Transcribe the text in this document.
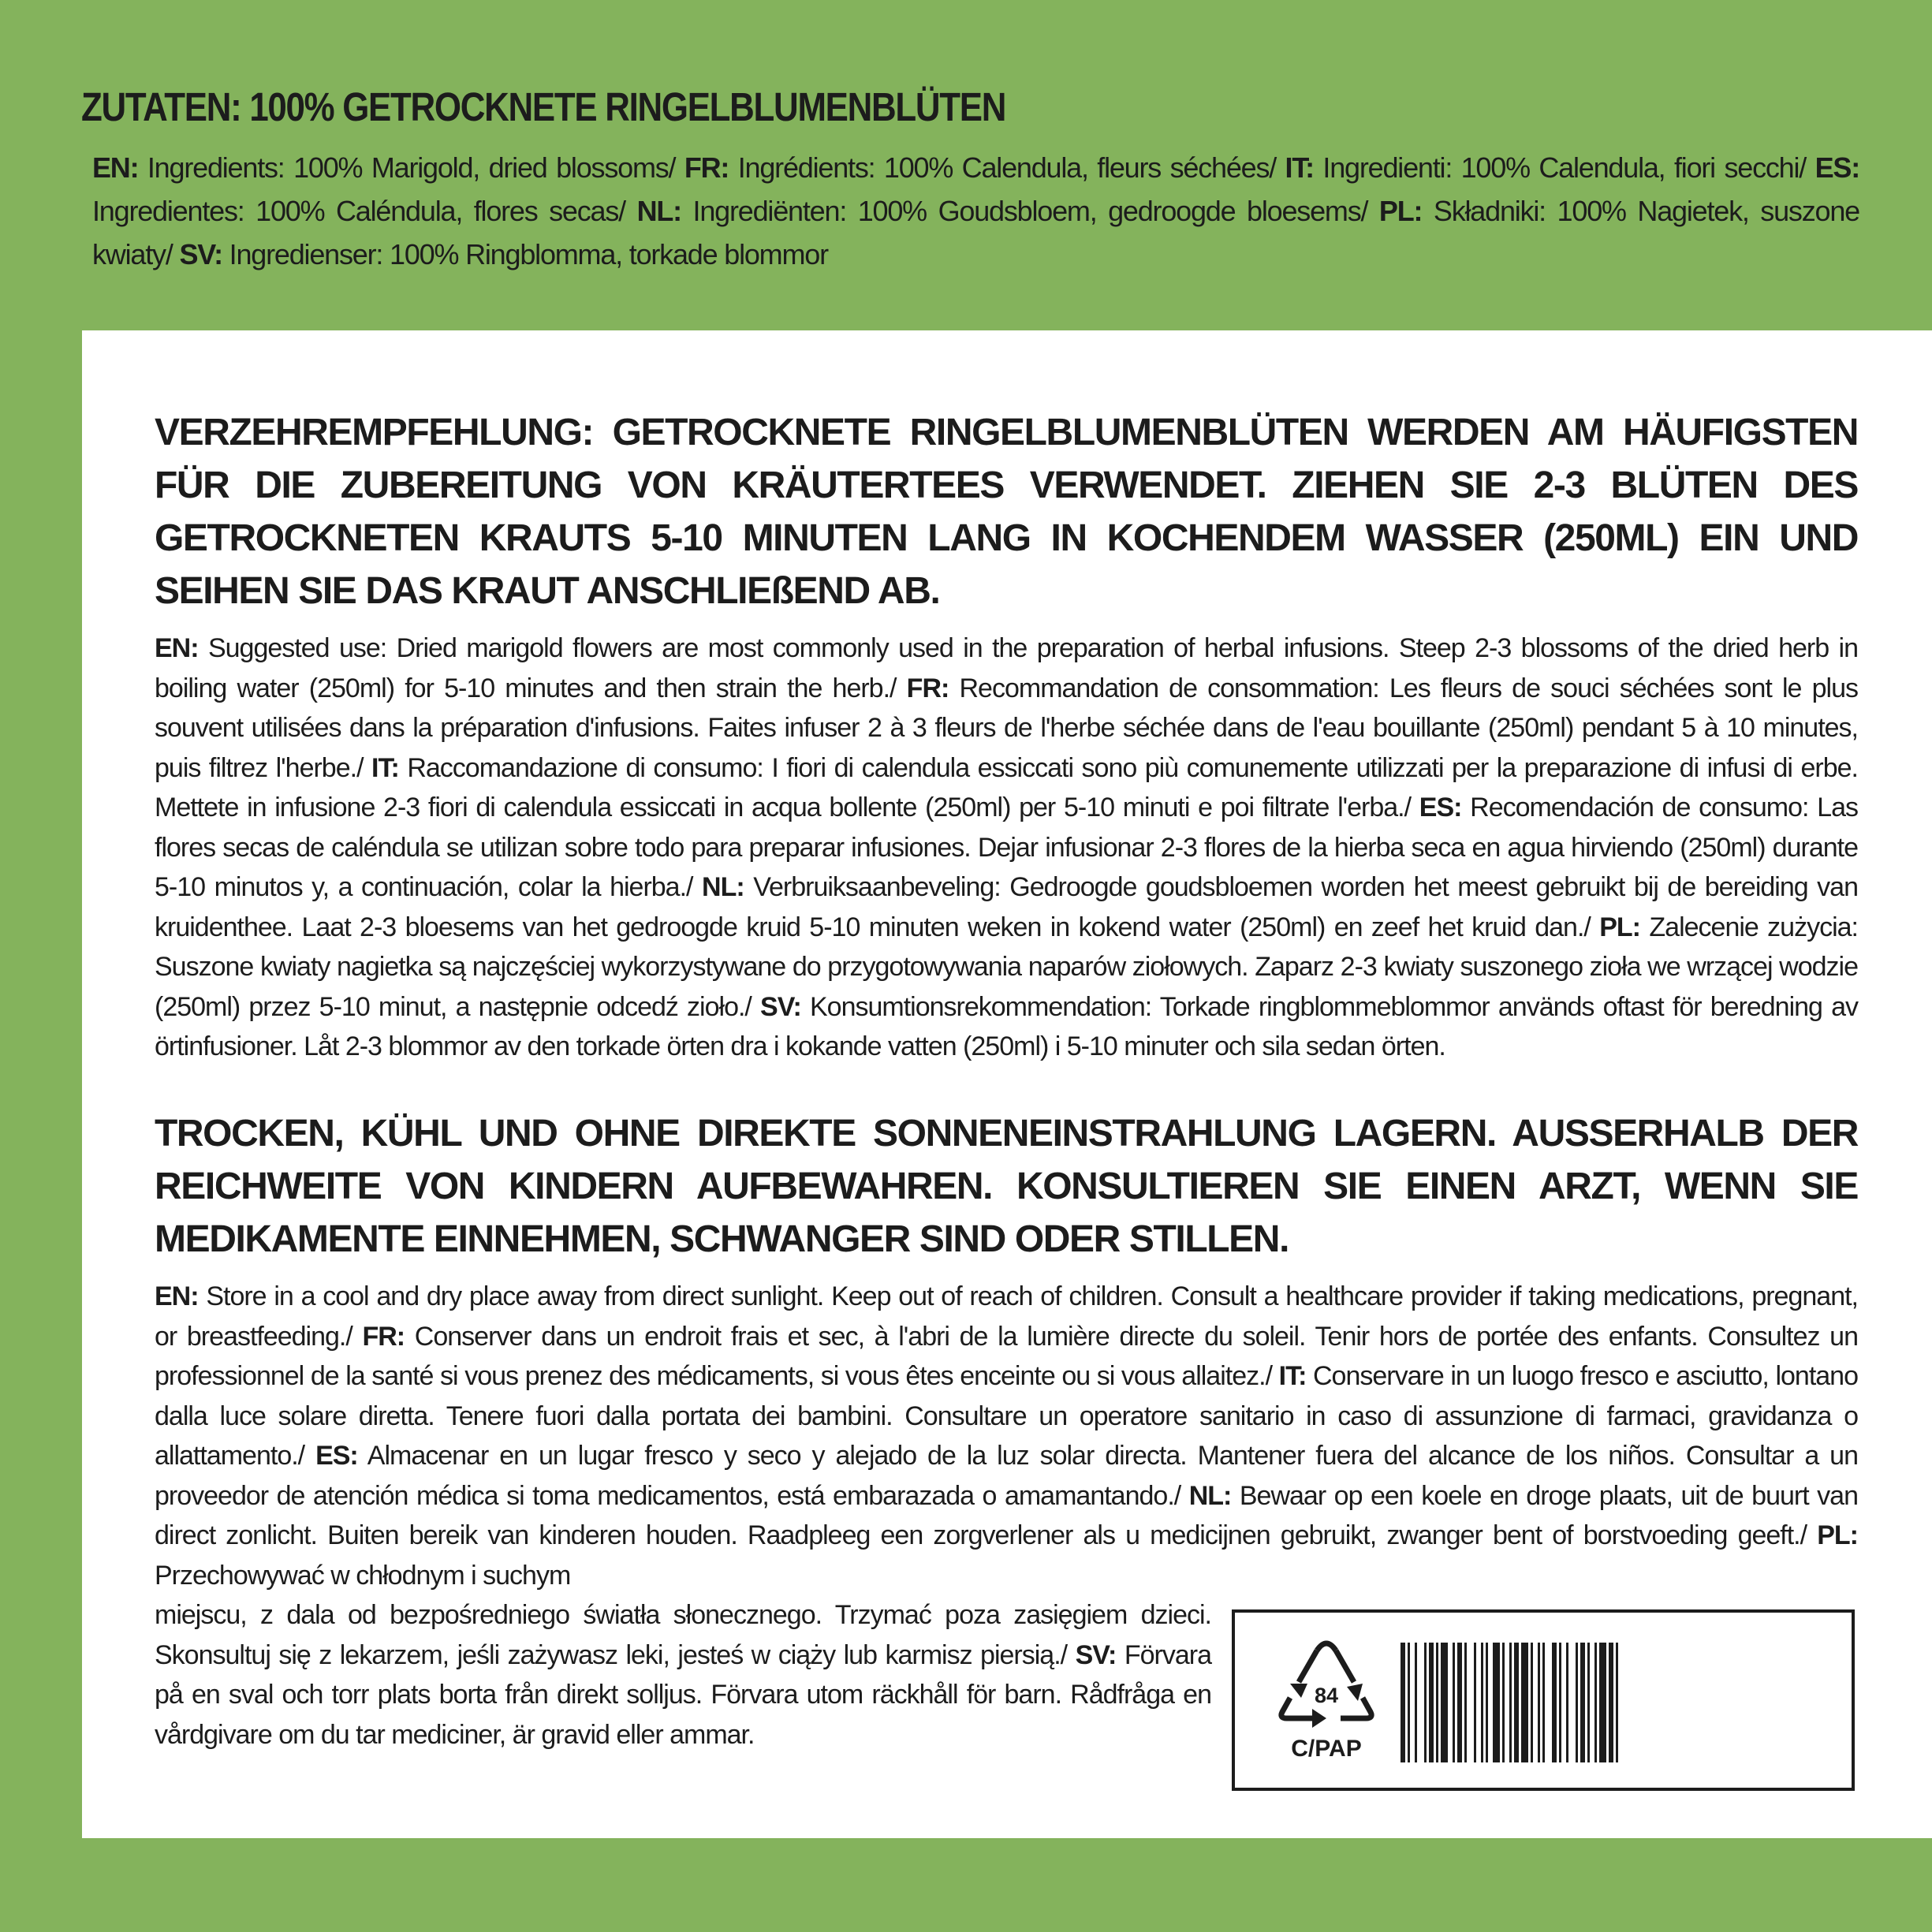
ZUTATEN: 100% GETROCKNETE RINGELBLUMENBLÜTEN
EN: Ingredients: 100% Marigold, dried blossoms/ FR: Ingrédients: 100% Calendula, fleurs séchées/ IT: Ingredienti: 100% Calendula, fiori secchi/ ES: Ingredientes: 100% Caléndula, flores secas/ NL: Ingrediënten: 100% Goudsbloem, gedroogde bloesems/ PL: Składniki: 100% Nagietek, suszone kwiaty/ SV: Ingredienser: 100% Ringblomma, torkade blommor
VERZEHREMPFEHLUNG: GETROCKNETE RINGELBLUMENBLÜTEN WERDEN AM HÄUFIGSTEN FÜR DIE ZUBEREITUNG VON KRÄUTERTEES VERWENDET. ZIEHEN SIE 2-3 BLÜTEN DES GETROCKNETEN KRAUTS 5-10 MINUTEN LANG IN KOCHENDEM WASSER (250ML) EIN UND SEIHEN SIE DAS KRAUT ANSCHLIEßEND AB.
EN: Suggested use: Dried marigold flowers are most commonly used in the preparation of herbal infusions. Steep 2-3 blossoms of the dried herb in boiling water (250ml) for 5-10 minutes and then strain the herb./ FR: Recommandation de consommation: Les fleurs de souci séchées sont le plus souvent utilisées dans la préparation d'infusions. Faites infuser 2 à 3 fleurs de l'herbe séchée dans de l'eau bouillante (250ml) pendant 5 à 10 minutes, puis filtrez l'herbe./ IT: Raccomandazione di consumo: I fiori di calendula essiccati sono più comunemente utilizzati per la preparazione di infusi di erbe. Mettete in infusione 2-3 fiori di calendula essiccati in acqua bollente (250ml) per 5-10 minuti e poi filtrate l'erba./ ES: Recomendación de consumo: Las flores secas de caléndula se utilizan sobre todo para preparar infusiones. Dejar infusionar 2-3 flores de la hierba seca en agua hirviendo (250ml) durante 5-10 minutos y, a continuación, colar la hierba./ NL: Verbruiksaanbeveling: Gedroogde goudsbloemen worden het meest gebruikt bij de bereiding van kruidenthee. Laat 2-3 bloesems van het gedroogde kruid 5-10 minuten weken in kokend water (250ml) en zeef het kruid dan./ PL: Zalecenie zużycia: Suszone kwiaty nagietka są najczęściej wykorzystywane do przygotowywania naparów ziołowych. Zaparz 2-3 kwiaty suszonego zioła we wrzącej wodzie (250ml) przez 5-10 minut, a następnie odcedź zioło./ SV: Konsumtionsrekommendation: Torkade ringblommeblommor används oftast för beredning av örtinfusioner. Låt 2-3 blommor av den torkade örten dra i kokande vatten (250ml) i 5-10 minuter och sila sedan örten.
TROCKEN, KÜHL UND OHNE DIREKTE SONNENEINSTRAHLUNG LAGERN. AUSSERHALB DER REICHWEITE VON KINDERN AUFBEWAHREN. KONSULTIEREN SIE EINEN ARZT, WENN SIE MEDIKAMENTE EINNEHMEN, SCHWANGER SIND ODER STILLEN.
EN: Store in a cool and dry place away from direct sunlight. Keep out of reach of children. Consult a healthcare provider if taking medications, pregnant, or breastfeeding./ FR: Conserver dans un endroit frais et sec, à l'abri de la lumière directe du soleil. Tenir hors de portée des enfants. Consultez un professionnel de la santé si vous prenez des médicaments, si vous êtes enceinte ou si vous allaitez./ IT: Conservare in un luogo fresco e asciutto, lontano dalla luce solare diretta. Tenere fuori dalla portata dei bambini. Consultare un operatore sanitario in caso di assunzione di farmaci, gravidanza o allattamento./ ES: Almacenar en un lugar fresco y seco y alejado de la luz solar directa. Mantener fuera del alcance de los niños. Consultar a un proveedor de atención médica si toma medicamentos, está embarazada o amamantando./ NL: Bewaar op een koele en droge plaats, uit de buurt van direct zonlicht. Buiten bereik van kinderen houden. Raadpleeg een zorgverlener als u medicijnen gebruikt, zwanger bent of borstvoeding geeft./ PL: Przechowywać w chłodnym i suchym
miejscu, z dala od bezpośredniego światła słonecznego. Trzymać poza zasięgiem dzieci. Skonsultuj się z lekarzem, jeśli zażywasz leki, jesteś w ciąży lub karmisz piersią./ SV: Förvara på en sval och torr plats borta från direkt solljus. Förvara utom räckhåll för barn. Rådfråga en vårdgivare om du tar mediciner, är gravid eller ammar.
84
C/PAP
